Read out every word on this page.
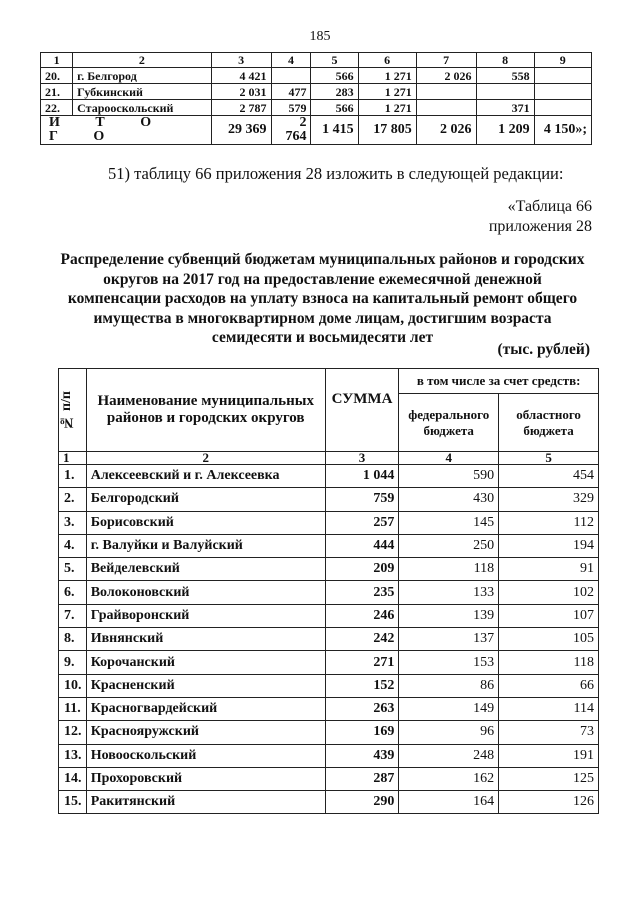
185
1	2	3	4	5	6	7	8	9
20.	г. Белгород	4 421		566	1 271	2 026	558	
21.	Губкинский	2 031	477	283	1 271			
22.	Старооскольский	2 787	579	566	1 271		371	
И Т О Г О		29 369	2 764	1 415	17 805	2 026	1 209	4 150»;
51) таблицу 66 приложения 28 изложить в следующей редакции:
«Таблица 66
приложения 28
Распределение субвенций бюджетам муниципальных районов и городских округов на 2017 год на предоставление ежемесячной денежной компенсации расходов на уплату взноса на капитальный ремонт общего имущества в многоквартирном доме лицам, достигшим возраста семидесяти и восьмидесяти лет
(тыс. рублей)
№ п/п	Наименование муниципальных районов и городских округов	СУММА	в том числе за счет средств:	
			федерального бюджета	областного бюджета
1	2	3	4	5
1.	Алексеевский и г. Алексеевка	1 044	590	454
2.	Белгородский	759	430	329
3.	Борисовский	257	145	112
4.	г. Валуйки и Валуйский	444	250	194
5.	Вейделевский	209	118	91
6.	Волоконовский	235	133	102
7.	Грайворонский	246	139	107
8.	Ивнянский	242	137	105
9.	Корочанский	271	153	118
10.	Красненский	152	86	66
11.	Красногвардейский	263	149	114
12.	Краснояружский	169	96	73
13.	Новооскольский	439	248	191
14.	Прохоровский	287	162	125
15.	Ракитянский	290	164	126
